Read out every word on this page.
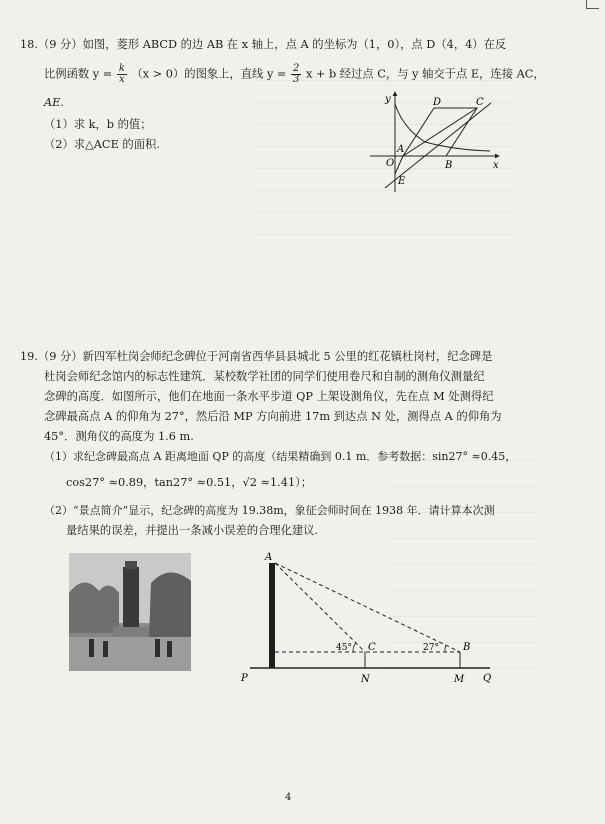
18.（9 分）如图，菱形 ABCD 的边 AB 在 x 轴上，点 A 的坐标为（1，0），点 D（4，4）在反
比例函数 $y = \frac{k}{x} (x > 0)$的图象上，直线 $y = \frac{2}{3}$ x + b 经过点 C，与 y 轴交于点 E，连接 AC，
AE.
（1）求 k，b 的值；
（2）求△ACE 的面积.
y
x
O
A
B
C
D
E
19.（9 分）新四军杜岗会师纪念碑位于河南省西华县县城北 5 公里的红花镇杜岗村，纪念碑是
杜岗会师纪念馆内的标志性建筑．某校数学社团的同学们使用卷尺和自制的测角仪测量纪
念碑的高度．如图所示，他们在地面一条水平步道 QP 上架设测角仪，先在点 M 处测得纪
念碑最高点 A 的仰角为 27°，然后沿 MP 方向前进 17m 到达点 N 处，测得点 A 的仰角为
45°．测角仪的高度为 1.6 m.
（1）求纪念碑最高点 A 距离地面 QP 的高度（结果精确到 0.1 m．参考数据：sin27° ≈0.45，
cos27° ≈0.89，tan27° ≈0.51，√2 ≈1.41）；
（2）“景点简介”显示，纪念碑的高度为 19.38m，象征会师时间在 1938 年．请计算本次测
量结果的误差，并提出一条减小误差的合理化建议.
A
C	B
45°	27°
P	N	M Q
4
